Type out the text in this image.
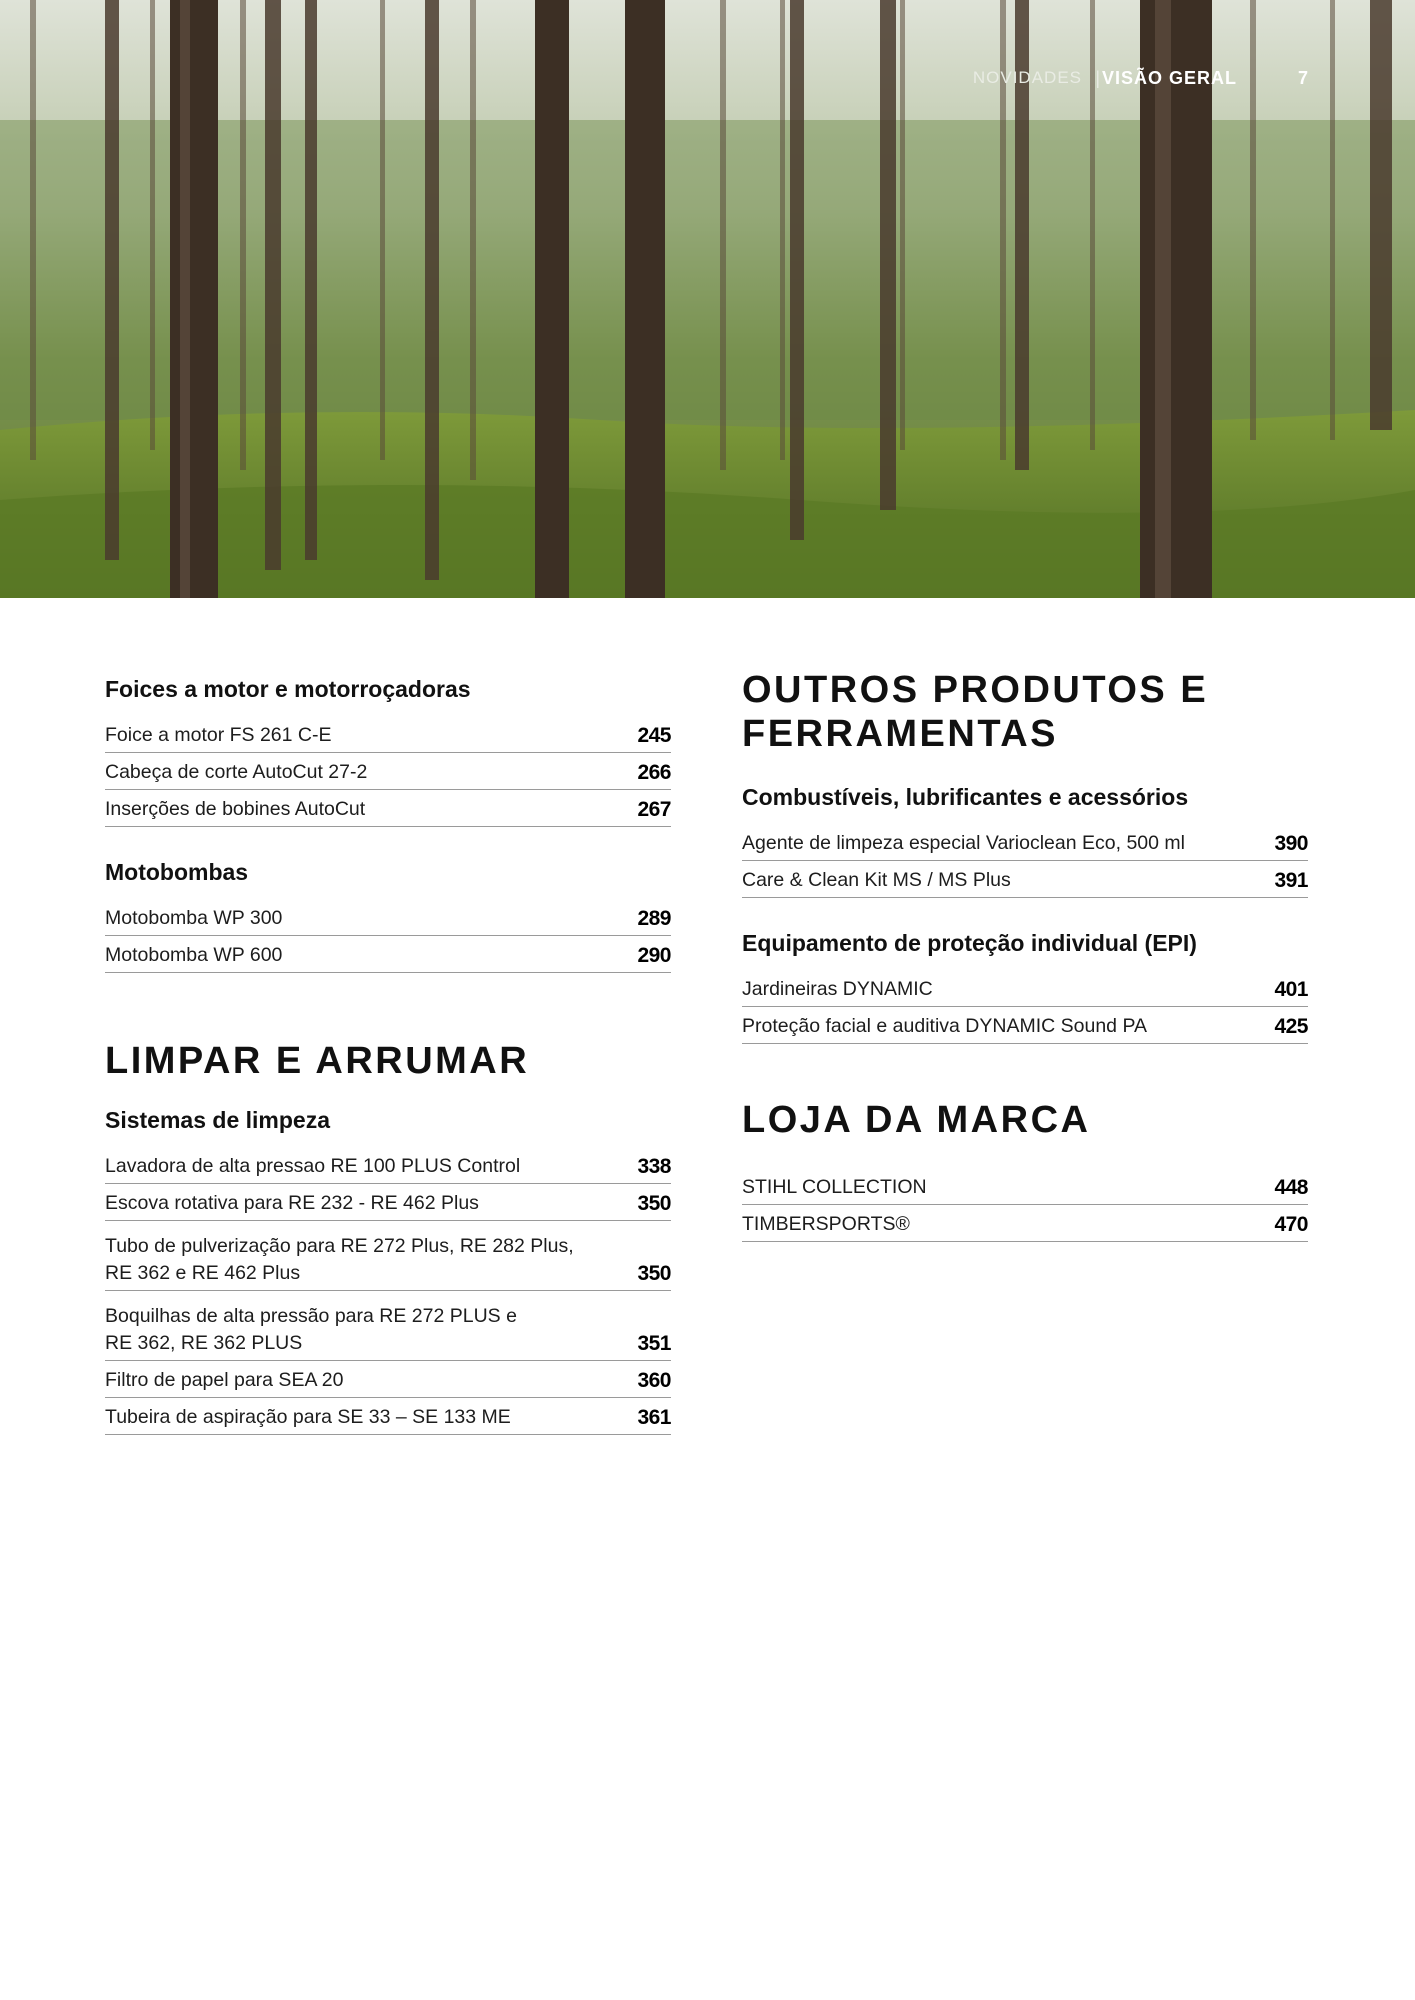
NOVIDADES | VISÃO GERAL	7
Foices a motor e motorroçadoras
Foice a motor FS 261 C-E	245
Cabeça de corte AutoCut 27-2	266
Inserções de bobines AutoCut	267
Motobombas
Motobomba WP 300	289
Motobomba WP 600	290
LIMPAR E ARRUMAR
Sistemas de limpeza
Lavadora de alta pressao RE 100 PLUS Control	338
Escova rotativa para RE 232 - RE 462 Plus	350
Tubo de pulverização para RE 272 Plus, RE 282 Plus,
RE 362 e RE 462 Plus	350
Boquilhas de alta pressão para RE 272 PLUS e
RE 362, RE 362 PLUS	351
Filtro de papel para SEA 20	360
Tubeira de aspiração para SE 33 – SE 133 ME	361
OUTROS PRODUTOS E
FERRAMENTAS
Combustíveis, lubrificantes e acessórios
Agente de limpeza especial Varioclean Eco, 500 ml	390
Care & Clean Kit MS / MS Plus	391
Equipamento de proteção individual (EPI)
Jardineiras DYNAMIC	401
Proteção facial e auditiva DYNAMIC Sound PA	425
LOJA DA MARCA
STIHL COLLECTION	448
TIMBERSPORTS®	470
